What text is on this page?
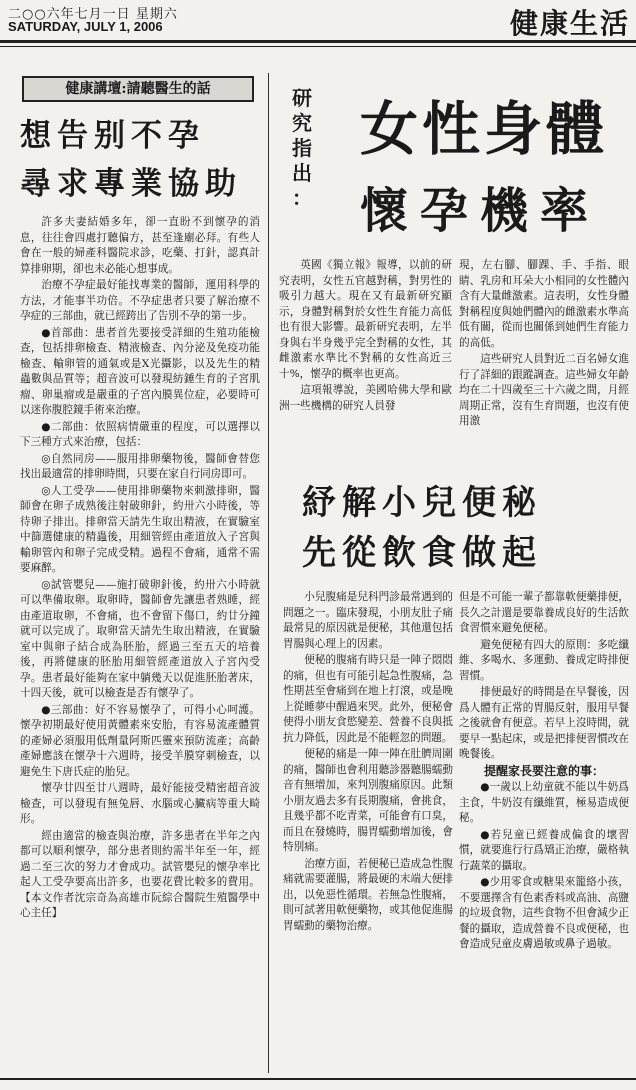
二○○六年七月一日 星期六
SATURDAY, JULY 1, 2006	健康生活
健康講壇:請聽醫生的話
想告别不孕
尋求專業協助

許多夫妻結婚多年，卻一直盼不到懷孕的消息，往往會四處打聽偏方，甚至逢廟必拜。有些人會在一般的婦產科醫院求診，吃藥、打針，認真計算排卵期，卻也未必能心想事成。

治療不孕症最好能找專業的醫師，運用科學的方法，才能事半功倍。不孕症患者只要了解治療不孕症的三部曲，就已經跨出了告別不孕的第一步。

●首部曲：患者首先要接受詳細的生殖功能檢查，包括排卵檢查、精液檢查、內分泌及免疫功能檢查、輸卵管的通氣或是X光攝影，以及先生的精蟲數與品質等；超音波可以發現紡錘生育的子宮肌瘤、卵巢瘤或是嚴重的子宮內膜異位症，必要時可以迷你腹腔鏡手術來治療。

●二部曲：依照病情嚴重的程度，可以選擇以下三種方式來治療，包括：

◎自然同房——服用排卵藥物後，醫師會替您找出最適當的排卵時間，只要在家自行同房即可。

◎人工受孕——使用排卵藥物來刺激排卵，醫師會在卵子成熟後注射破卵針，約卅六小時後，等待卵子排出。排卵當天請先生取出精液，在實驗室中篩選健康的精蟲後，用細管經由產道放入子宮與輸卵管內和卵子完成受精。過程不會痛，通常不需要麻醉。

◎試管嬰兒——施打破卵針後，約卅六小時就可以準備取卵。取卵時，醫師會先讓患者熟睡，經由產道取卵，不會痛，也不會留下傷口，約廿分鐘就可以完成了。取卵當天請先生取出精液，在實驗室中與卵子結合成為胚胎，經過三至五天的培養後，再將健康的胚胎用細管經產道放入子宮內受孕。患者最好能夠在家中躺幾天以促進胚胎著床，十四天後，就可以檢查是否有懷孕了。

●三部曲：好不容易懷孕了，可得小心呵護。懷孕初期最好使用黃體素來安胎，有容易流產體質的產婦必須服用低劑量阿斯匹靈來預防流產；高齡產婦應該在懷孕十六週時，接受羊膜穿刺檢查，以避免生下唐氏症的胎兒。

懷孕廿四至廿八週時，最好能接受精密超音波檢查，可以發現有無兔唇、水腦或心臟病等重大畸形。

經由適當的檢查與治療，許多患者在半年之內都可以順利懷孕，部分患者則約需半年至一年，經過二至三次的努力才會成功。試管嬰兒的懷孕率比起人工受孕要高出許多，也要花費比較多的費用。【本文作者沈宗奇為高雄市阮綜合醫院生殖醫學中心主任】

研
究
指
出
：
女性身體
懷孕機率

英國《獨立報》報導，以前的研究表明，女性五官越對稱，對男性的吸引力越大。現在又有最新研究顯示，身體對稱對於女性生育能力高低也有很大影響。最新研究表明，左半身與右半身幾乎完全對稱的女性，其雌激素水準比不對稱的女性高近三十%，懷孕的概率也更高。

這項報導說，美國哈佛大學和歐洲一些機構的研究人員發

現，左右腳、腳踝、手、手指、眼睛、乳房和耳朵大小相同的女性體內含有大量雌激素。這表明，女性身體對稱程度與她們體內的雌激素水準高低有關，從而也關係到她們生育能力的高低。

這些研究人員對近二百名婦女進行了詳細的跟蹤調查。這些婦女年齡均在二十四歲至三十六歲之間，月經周期正常，沒有生育問題，也沒有使用激

紓解小兒便秘
先從飲食做起

小兒腹痛是兒科門診最常遇到的問題之一。臨床發現，小朋友肚子痛最常見的原因就是便秘，其他還包括胃腸與心理上的因素。

便秘的腹痛有時只是一陣子悶悶的痛，但也有可能引起急性腹痛，急性期甚至會痛到在地上打滾，或是晚上從睡夢中醒過來哭。此外，便秘會使得小朋友食慾變差、營養不良與抵抗力降低，因此是不能輕忽的問題。

便秘的痛是一陣一陣在肚臍周圍的痛，醫師也會利用聽診器聽腸蠕動音有無增加，來判別腹痛原因。此類小朋友過去多有長期腹痛，會挑食，且幾乎都不吃青菜，可能會有口臭，而且在發燒時，腸胃蠕動增加後，會特別痛。

治療方面，若便秘已造成急性腹痛就需要灌腸，將最硬的末端大便排出，以免惡性循環。若無急性腹痛，則可試著用軟便藥物，或其他促進腸胃蠕動的藥物治療。

但是不可能一輩子都靠軟便藥排便，長久之計還是要靠養成良好的生活飲食習慣來避免便秘。

避免便秘有四大的原則：多吃纖維、多喝水、多運動、養成定時排便習慣。

排便最好的時間是在早餐後，因爲人體有正常的胃腸反射，服用早餐之後就會有便意。若早上沒時間，就要早一點起床，或是把排便習慣改在晚餐後。

提醒家長要注意的事：

●一歲以上幼童就不能以牛奶爲主食，牛奶沒有纖維質，極易造成便秘。

●若兒童已經養成偏食的壞習慣，就要進行行爲矯正治療，嚴格執行蔬菜的攝取。

●少用零食或糖果來籠絡小孩，不要選擇含有色素香料或高油、高鹽的垃圾食物，這些食物不但會減少正餐的攝取，造成營養不良或便秘，也會造成兒童皮膚過敏或鼻子過敏。
